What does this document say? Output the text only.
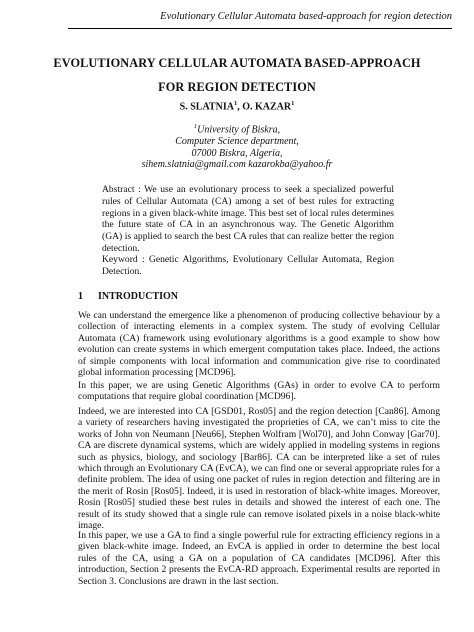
Evolutionary Cellular Automata based-approach for region detection
EVOLUTIONARY CELLULAR AUTOMATA BASED-APPROACH
FOR REGION DETECTION
S. SLATNIA$^1$, O. KAZAR$^1$
$^1$University of Biskra,
Computer Science department,
07000 Biskra, Algeria,
sihem.slatnia@gmail.com kazarokba@yahoo.fr
Abstract : We use an evolutionary process to seek a specialized powerful rules of Cellular Automata (CA) among a set of best rules for extracting regions in a given black-white image. This best set of local rules determines the future state of CA in an asynchronous way. The Genetic Algorithm (GA) is applied to search the best CA rules that can realize better the region detection.
Keyword : Genetic Algorithms, Evolutionary Cellular Automata, Region Detection.
1 INTRODUCTION

We can understand the emergence like a phenomenon of producing collective behaviour by a collection of interacting elements in a complex system. The study of evolving Cellular Automata (CA) framework using evolutionary algorithms is a good example to show how evolution can create systems in which emergent computation takes place. Indeed, the actions of simple components with local information and communication give rise to coordinated global information processing [MCD96].

In this paper, we are using Genetic Algorithms (GAs) in order to evolve CA to perform computations that require global coordination [MCD96].

Indeed, we are interested into CA [GSD01, Ros05] and the region detection [Can86]. Among a variety of researchers having investigated the proprieties of CA, we can’t miss to cite the works of John von Neumann [Neu66], Stephen Wolfram [Wol70], and John Conway [Gar70]. CA are discrete dynamical systems, which are widely applied in modeling systems in regions such as physics, biology, and sociology [Bar86]. CA can be interpreted like a set of rules which through an Evolutionary CA (EvCA), we can find one or several appropriate rules for a definite problem. The idea of using one packet of rules in region detection and filtering are in the merit of Rosin [Ros05]. Indeed, it is used in restoration of black-white images. Moreover, Rosin [Ros05] studied these best rules in details and showed the interest of each one. The result of its study showed that a single rule can remove isolated pixels in a noise black-white image.

In this paper, we use a GA to find a single powerful rule for extracting efficiency regions in a given black-white image. Indeed, an EvCA is applied in order to determine the best local rules of the CA, using a GA on a population of CA candidates [MCD96]. After this introduction, Section 2 presents the EvCA-RD approach. Experimental results are reported in Section 3. Conclusions are drawn in the last section.
